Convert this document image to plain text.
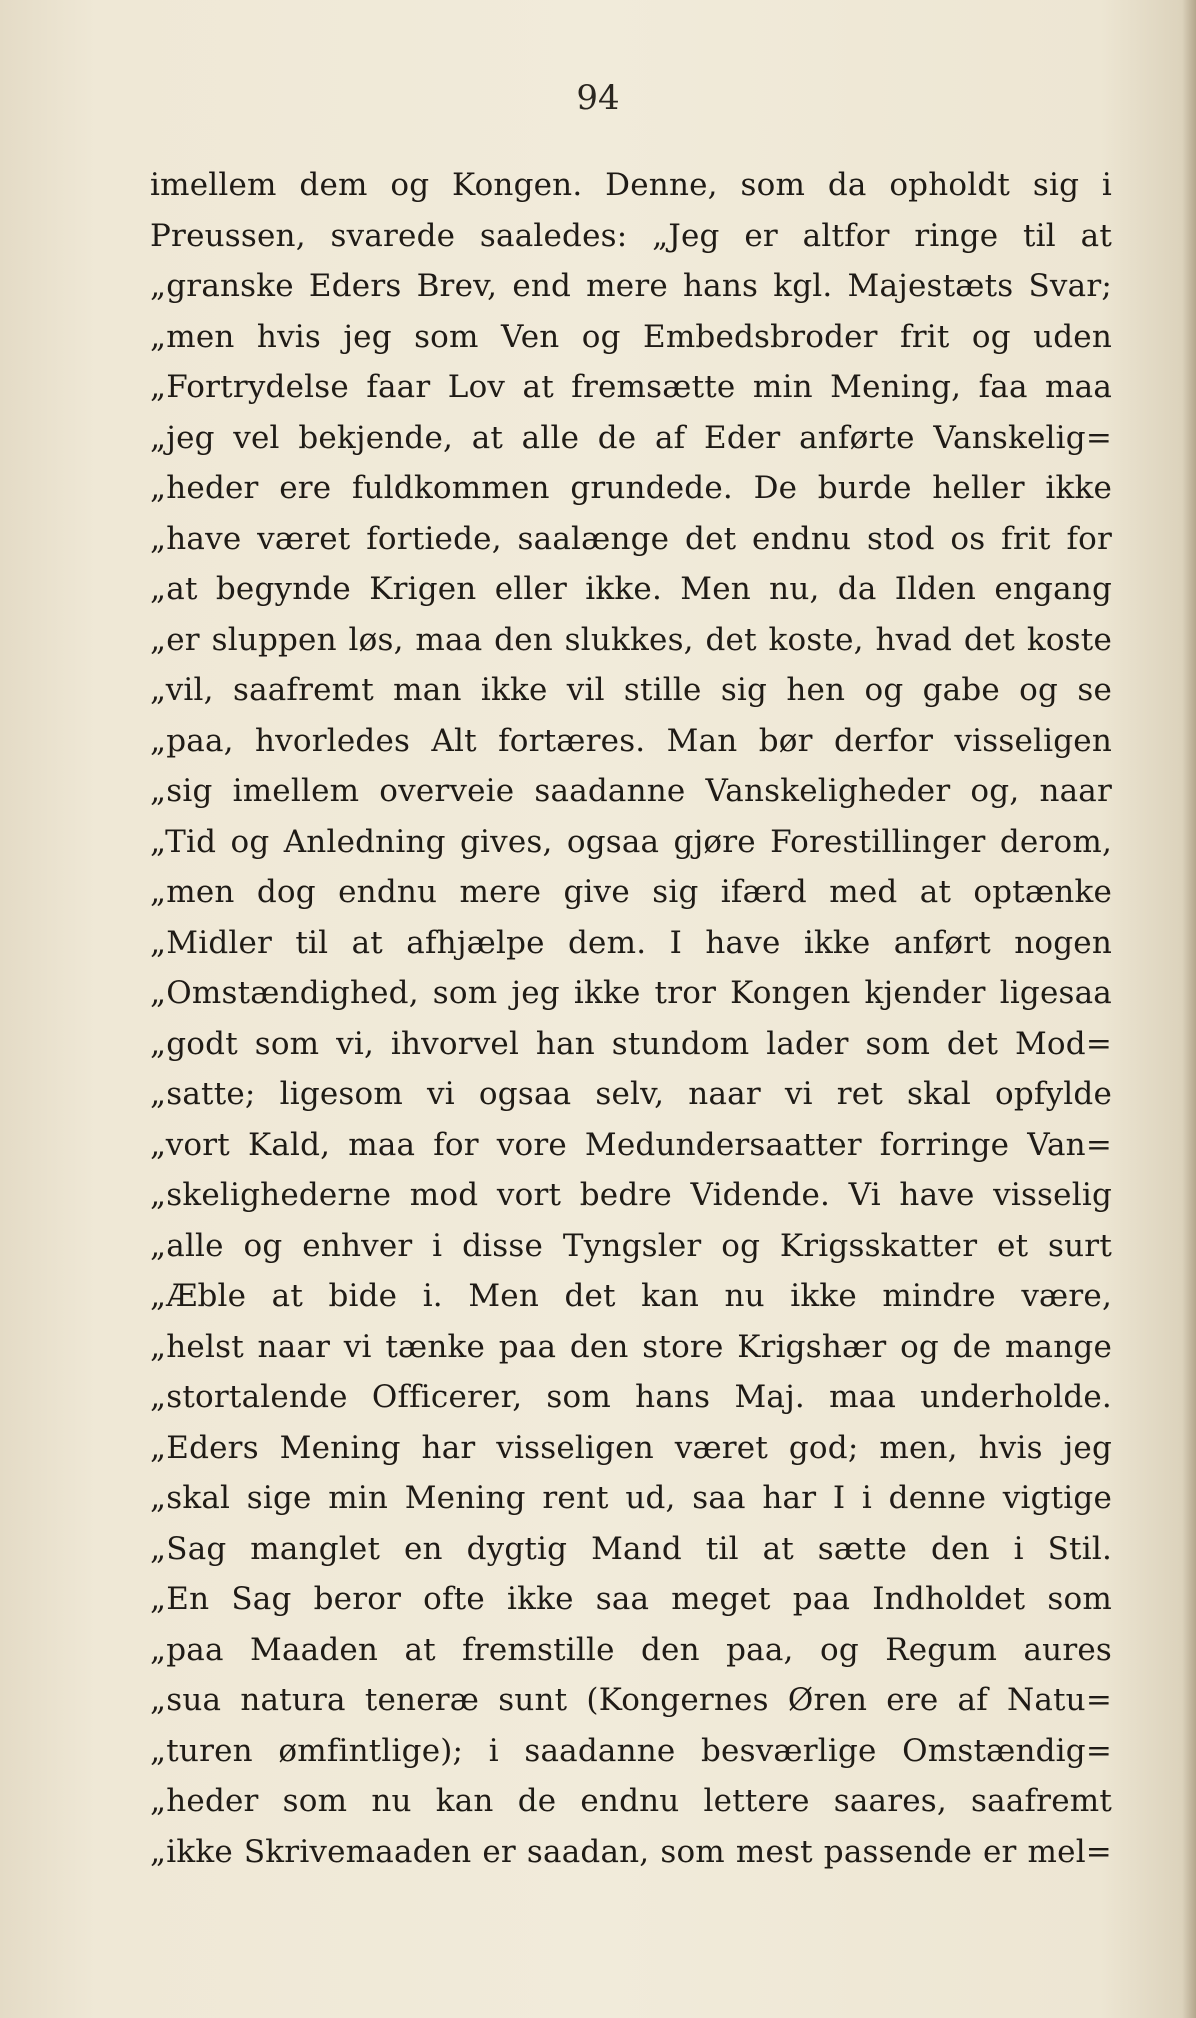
94
imellem dem og Kongen. Denne, som da opholdt sig i
Preussen, svarede saaledes: „Jeg er altfor ringe til at
„granske Eders Brev, end mere hans kgl. Majestæts Svar;
„men hvis jeg som Ven og Embedsbroder frit og uden
„Fortrydelse faar Lov at fremsætte min Mening, faa maa
„jeg vel bekjende, at alle de af Eder anførte Vanskelig=
„heder ere fuldkommen grundede. De burde heller ikke
„have været fortiede, saalænge det endnu stod os frit for
„at begynde Krigen eller ikke. Men nu, da Ilden engang
„er sluppen løs, maa den slukkes, det koste, hvad det koste
„vil, saafremt man ikke vil stille sig hen og gabe og se
„paa, hvorledes Alt fortæres. Man bør derfor visseligen
„sig imellem overveie saadanne Vanskeligheder og, naar
„Tid og Anledning gives, ogsaa gjøre Forestillinger derom,
„men dog endnu mere give sig ifærd med at optænke
„Midler til at afhjælpe dem. I have ikke anført nogen
„Omstændighed, som jeg ikke tror Kongen kjender ligesaa
„godt som vi, ihvorvel han stundom lader som det Mod=
„satte; ligesom vi ogsaa selv, naar vi ret skal opfylde
„vort Kald, maa for vore Medundersaatter forringe Van=
„skelighederne mod vort bedre Vidende. Vi have visselig
„alle og enhver i disse Tyngsler og Krigsskatter et surt
„Æble at bide i. Men det kan nu ikke mindre være,
„helst naar vi tænke paa den store Krigshær og de mange
„stortalende Officerer, som hans Maj. maa underholde.
„Eders Mening har visseligen været god; men, hvis jeg
„skal sige min Mening rent ud, saa har I i denne vigtige
„Sag manglet en dygtig Mand til at sætte den i Stil.
„En Sag beror ofte ikke saa meget paa Indholdet som
„paa Maaden at fremstille den paa, og Regum aures
„sua natura teneræ sunt (Kongernes Øren ere af Natu=
„turen ømfintlige); i saadanne besværlige Omstændig=
„heder som nu kan de endnu lettere saares, saafremt
„ikke Skrivemaaden er saadan, som mest passende er mel=
